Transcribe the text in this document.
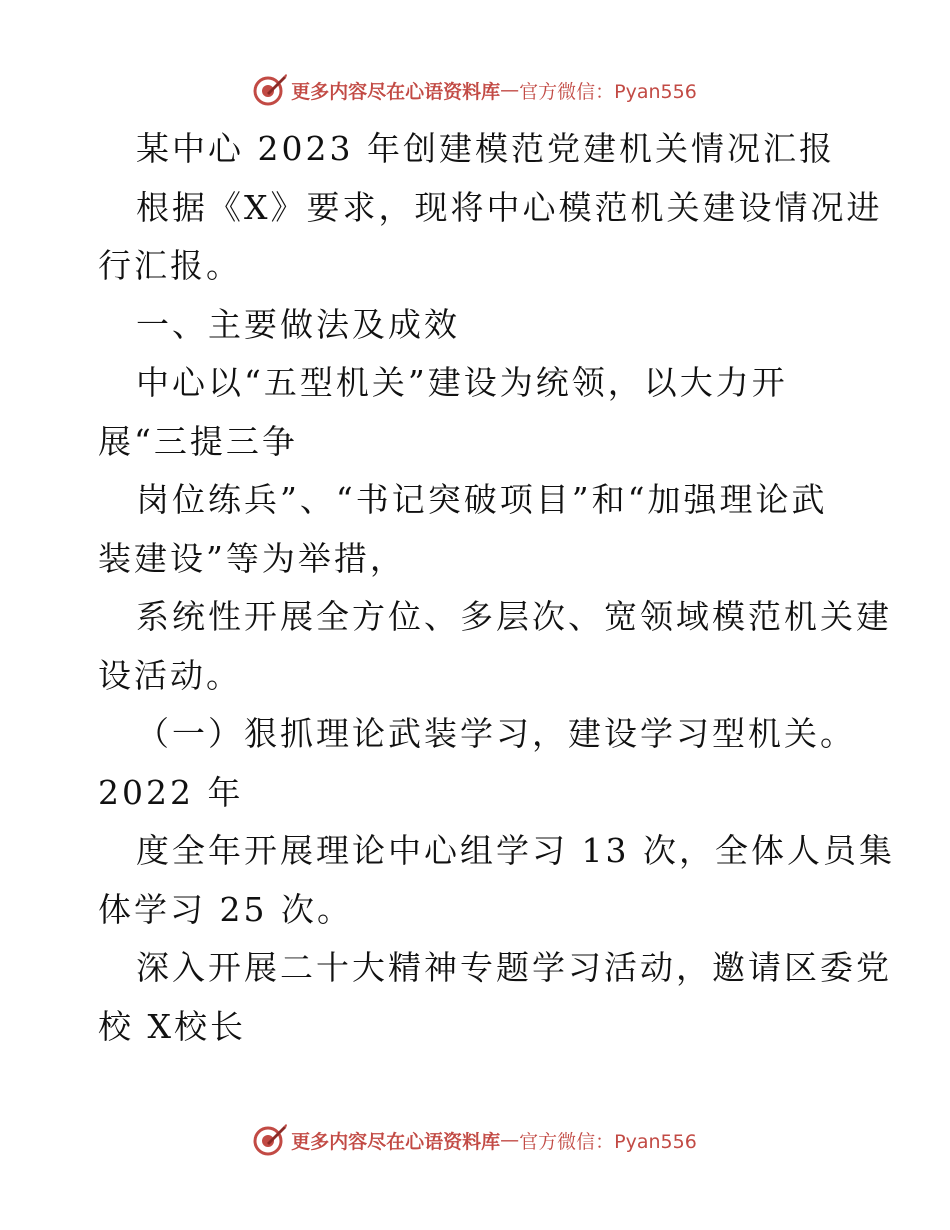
更多内容尽在心语资料库 — 官方微信：Pyan556
某中心 2023 年创建模范党建机关情况汇报
根据《X》要求，现将中心模范机关建设情况进
行汇报。
一、主要做法及成效
中心以“五型机关”建设为统领，以大力开
展“三提三争
岗位练兵”、“书记突破项目”和“加强理论武
装建设”等为举措，
系统性开展全方位、多层次、宽领域模范机关建
设活动。
（一）狠抓理论武装学习，建设学习型机关。
2022 年
度全年开展理论中心组学习 13 次，全体人员集
体学习 25 次。
深入开展二十大精神专题学习活动，邀请区委党
校 X校长
更多内容尽在心语资料库 — 官方微信：Pyan556
